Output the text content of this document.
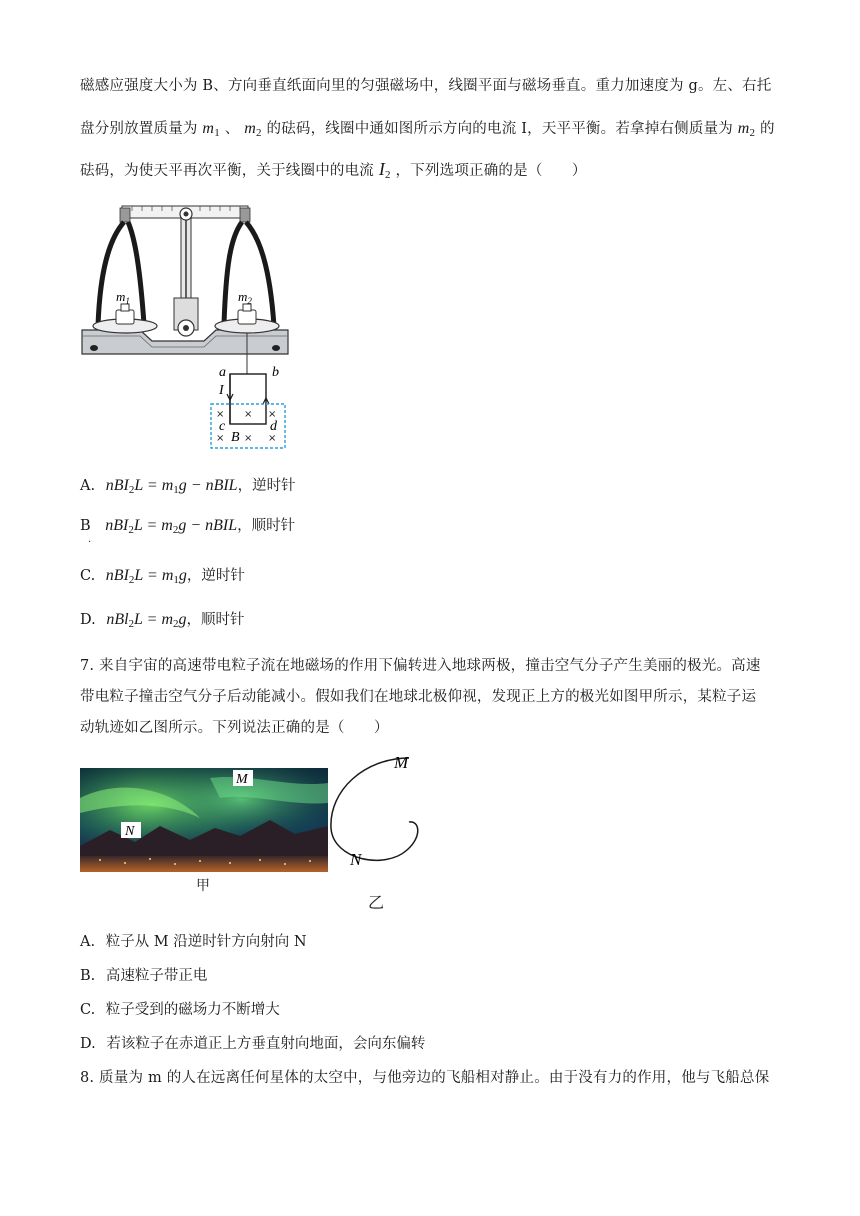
磁感应强度大小为 B、方向垂直纸面向里的匀强磁场中，线圈平面与磁场垂直。重力加速度为 g。左、右托
盘分别放置质量为 $m_1$ 、 $m_2$ 的砝码，线圈中通如图所示方向的电流 I，天平平衡。若拿掉右侧质量为 $m_2$ 的
砝码，为使天平再次平衡，关于线圈中的电流 $I_2$ ，下列选项正确的是（　　）
$m_1$	$m_2$
× × ×
× × ×
a	b
I
c	d
B
A. $nBI_2L = m_1g$ − nBIL，逆时针
B $nBI_2L = m_2g$ − nBIL，顺时针
.
C. $nBI_2L = m_1g$，逆时针
D. $nBl_2L = m_2g$，顺时针
7. 来自宇宙的高速带电粒子流在地磁场的作用下偏转进入地球两极，撞击空气分子产生美丽的极光。高速
带电粒子撞击空气分子后动能减小。假如我们在地球北极仰视，发现正上方的极光如图甲所示，某粒子运
动轨迹如乙图所示。下列说法正确的是（　　）
M
N
甲
M
N
乙
A. 粒子从 M 沿逆时针方向射向 N
B. 高速粒子带正电
C. 粒子受到的磁场力不断增大
D. 若该粒子在赤道正上方垂直射向地面，会向东偏转
8. 质量为 m 的人在远离任何星体的太空中，与他旁边的飞船相对静止。由于没有力的作用，他与飞船总保
